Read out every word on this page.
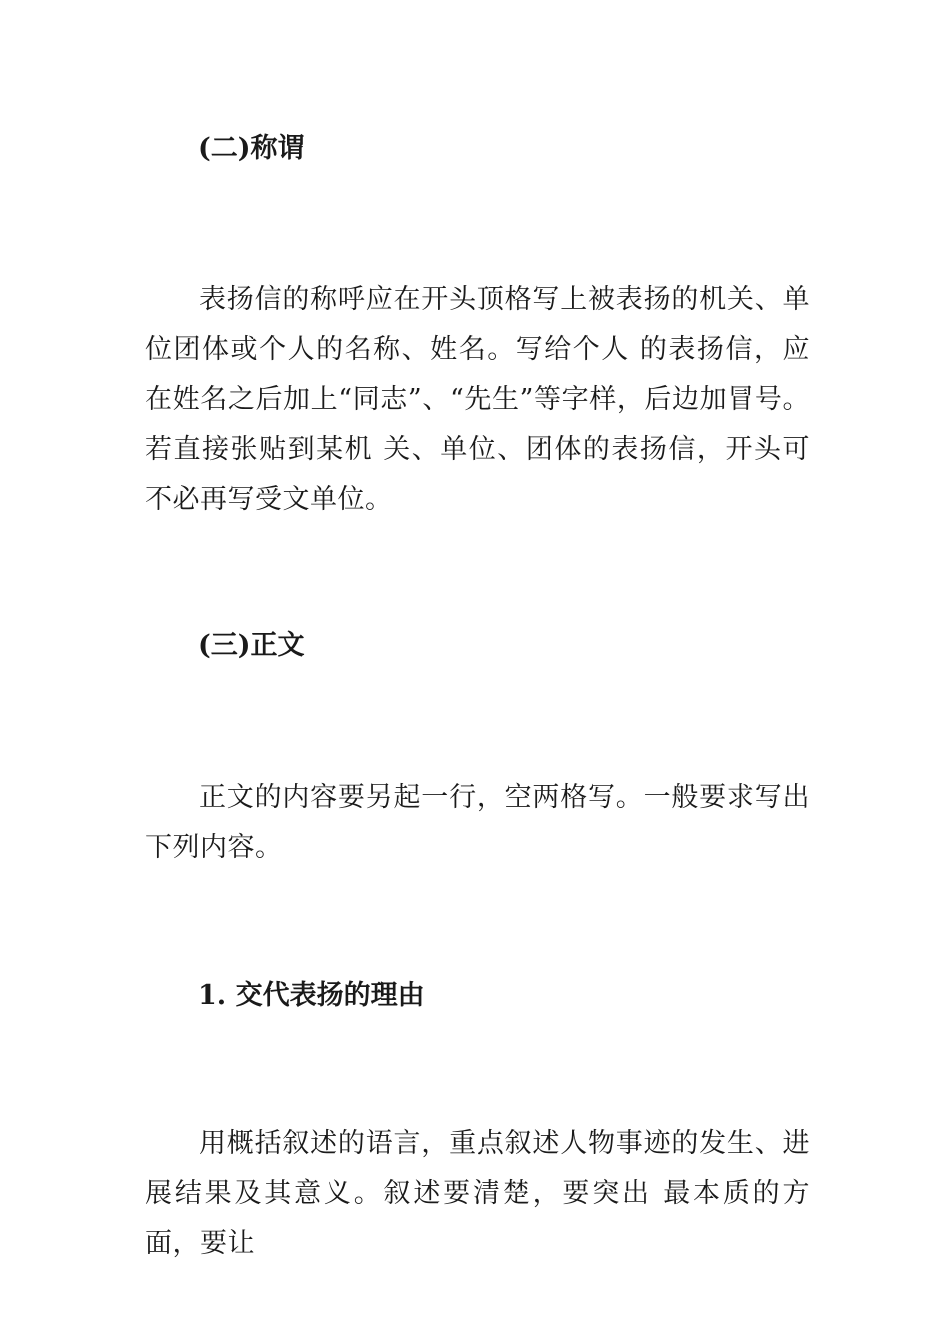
(二)称谓

表扬信的称呼应在开头顶格写上被表扬的机关、单位团体或个人的名称、姓名。写给个人 的表扬信，应在姓名之后加上“同志”、“先生”等字样，后边加冒号。若直接张贴到某机 关、单位、团体的表扬信，开头可不必再写受文单位。

(三)正文

正文的内容要另起一行，空两格写。一般要求写出下列内容。

1. 交代表扬的理由

用概括叙述的语言，重点叙述人物事迹的发生、进展结果及其意义。叙述要清楚，要突出 最本质的方面，要让
